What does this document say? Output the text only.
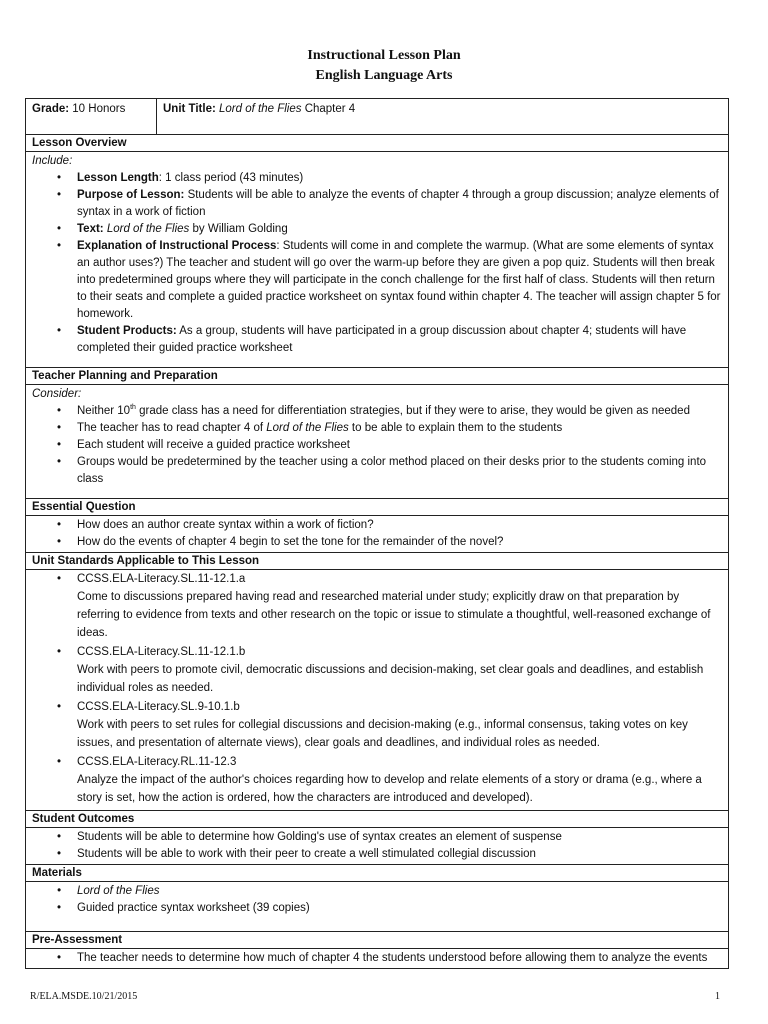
Instructional Lesson Plan
English Language Arts
Grade: 10 Honors	Unit Title: Lord of the Flies Chapter 4
Lesson Overview

Include:
• Lesson Length: 1 class period (43 minutes)
• Purpose of Lesson: Students will be able to analyze the events of chapter 4 through a group discussion; analyze elements of syntax in a work of fiction
• Text: Lord of the Flies by William Golding
• Explanation of Instructional Process: Students will come in and complete the warmup. (What are some elements of syntax an author uses?) The teacher and student will go over the warm-up before they are given a pop quiz. Students will then break into predetermined groups where they will participate in the conch challenge for the first half of class. Students will then return to their seats and complete a guided practice worksheet on syntax found within chapter 4. The teacher will assign chapter 5 for homework.
• Student Products: As a group, students will have participated in a group discussion about chapter 4; students will have completed their guided practice worksheet

Teacher Planning and Preparation

Consider:
• Neither 10th grade class has a need for differentiation strategies, but if they were to arise, they would be given as needed
• The teacher has to read chapter 4 of Lord of the Flies to be able to explain them to the students
• Each student will receive a guided practice worksheet
• Groups would be predetermined by the teacher using a color method placed on their desks prior to the students coming into class

Essential Question

• How does an author create syntax within a work of fiction?
• How do the events of chapter 4 begin to set the tone for the remainder of the novel?

Unit Standards Applicable to This Lesson

• CCSS.ELA-Literacy.SL.11-12.1.a
Come to discussions prepared having read and researched material under study; explicitly draw on that preparation by referring to evidence from texts and other research on the topic or issue to stimulate a thoughtful, well-reasoned exchange of ideas.
• CCSS.ELA-Literacy.SL.11-12.1.b
Work with peers to promote civil, democratic discussions and decision-making, set clear goals and deadlines, and establish individual roles as needed.
• CCSS.ELA-Literacy.SL.9-10.1.b
Work with peers to set rules for collegial discussions and decision-making (e.g., informal consensus, taking votes on key issues, and presentation of alternate views), clear goals and deadlines, and individual roles as needed.
• CCSS.ELA-Literacy.RL.11-12.3
Analyze the impact of the author's choices regarding how to develop and relate elements of a story or drama (e.g., where a story is set, how the action is ordered, how the characters are introduced and developed).

Student Outcomes

• Students will be able to determine how Golding's use of syntax creates an element of suspense
• Students will be able to work with their peer to create a well stimulated collegial discussion

Materials

• Lord of the Flies
• Guided practice syntax worksheet (39 copies)

Pre-Assessment

• The teacher needs to determine how much of chapter 4 the students understood before allowing them to analyze the events
R/ELA.MSDE.10/21/2015	1
